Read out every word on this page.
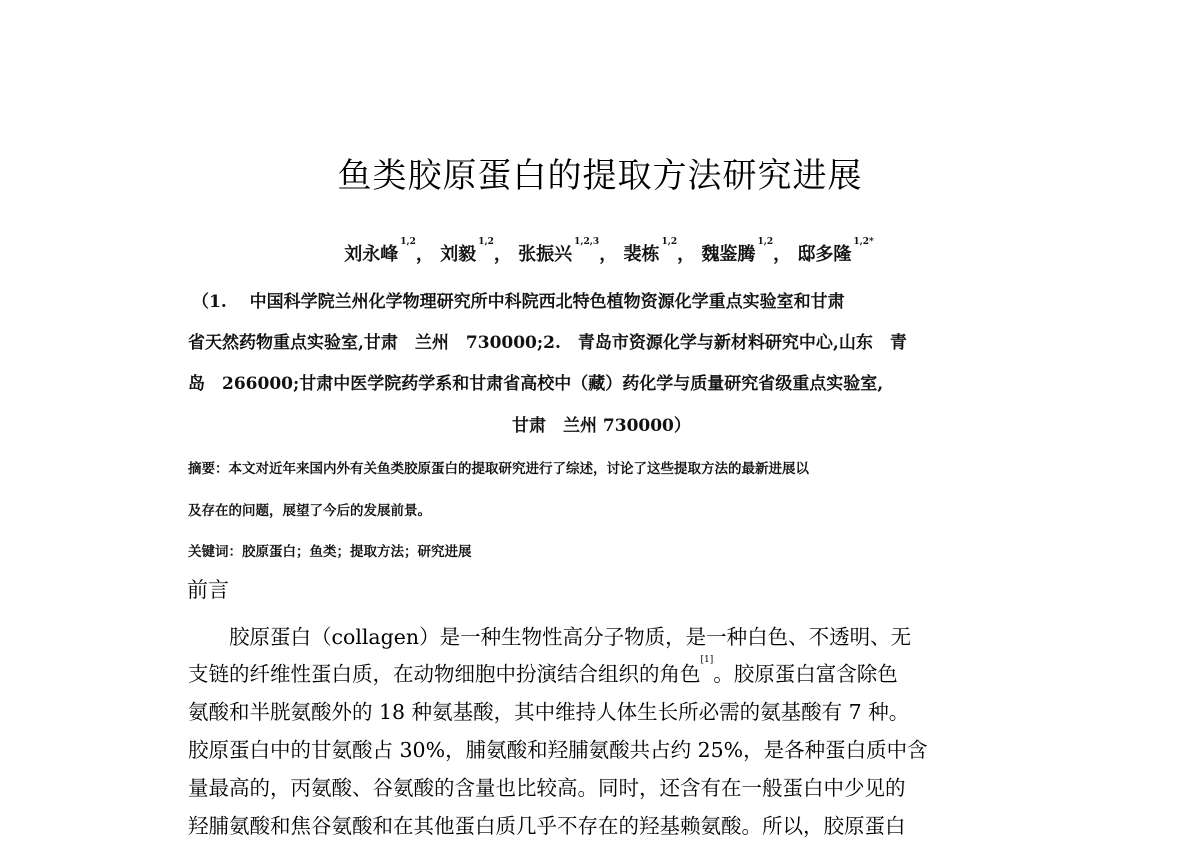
鱼类胶原蛋白的提取方法研究进展
刘永峰$^{1,2}$， 刘毅$^{1,2}$， 张振兴$^{1,2,3}$， 裴栋$^{1,2}$， 魏鉴腾$^{1,2}$， 邸多隆$^{1,2*}$
（1.　 中国科学院兰州化学物理研究所中科院西北特色植物资源化学重点实验室和甘肃
省天然药物重点实验室,甘肃　兰州　730000;2.　青岛市资源化学与新材料研究中心,山东　青
岛　266000;甘肃中医学院药学系和甘肃省高校中（藏）药化学与质量研究省级重点实验室,
甘肃　兰州 730000）
摘要：本文对近年来国内外有关鱼类胶原蛋白的提取研究进行了综述，讨论了这些提取方法的最新进展以
及存在的问题，展望了今后的发展前景。
关键词：胶原蛋白；鱼类；提取方法；研究进展
前言
　　胶原蛋白（collagen）是一种生物性高分子物质，是一种白色、不透明、无
支链的纤维性蛋白质，在动物细胞中扮演结合组织的角色[1]。胶原蛋白富含除色
氨酸和半胱氨酸外的 18 种氨基酸，其中维持人体生长所必需的氨基酸有 7 种。
胶原蛋白中的甘氨酸占 30%，脯氨酸和羟脯氨酸共占约 25%，是各种蛋白质中含
量最高的，丙氨酸、谷氨酸的含量也比较高。同时，还含有在一般蛋白中少见的
羟脯氨酸和焦谷氨酸和在其他蛋白质几乎不存在的羟基赖氨酸。所以，胶原蛋白
